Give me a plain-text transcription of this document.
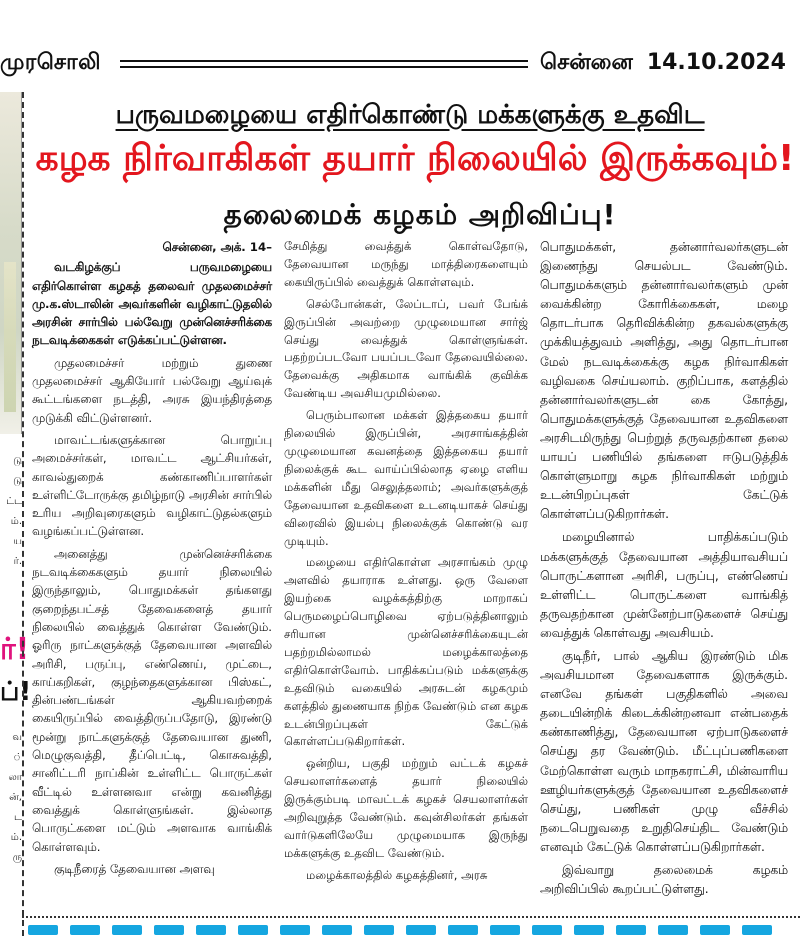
முரசொலி	சென்னை 14.10.2024
டு
டு
ட்ட
ம்.
ய
ர்.
ர்!
ப்!
வ
்
லா
ன்,
ட
ம்.
ரு
பருவமழையை எதிர்கொண்டு மக்களுக்கு உதவிட
கழக நிர்வாகிகள் தயார் நிலையில் இருக்கவும்!
தலைமைக் கழகம் அறிவிப்பு!
சென்னை, அக். 14–

வடகிழக்குப் பருவமழையை எதிர்கொள்ள கழகத் தலைவர் முதலமைச்சர் மு.க.ஸ்டாலின் அவர்களின் வழிகாட்டுதலில் அரசின் சார்பில் பல்வேறு முன்னெச்சரிக்கை நடவடிக்கைகள் எடுக்கப்பட்டுள்ளன.

முதலமைச்சர் மற்றும் துணை முதலமைச்சர் ஆகியோர் பல்வேறு ஆய்வுக் கூட்டங்களை நடத்தி, அரசு இயந்திரத்தை முடுக்கி விட்டுள்ளனர்.

மாவட்டங்களுக்கான பொறுப்பு அமைச்சர்கள், மாவட்ட ஆட்சியர்கள், காவல்துறைக் கண்காணிப்பாளர்கள் உள்ளிட்டோருக்கு தமிழ்நாடு அரசின் சார்பில் உரிய அறிவுரைகளும் வழிகாட்டுதல்களும் வழங்கப்பட்டுள்ளன.

அனைத்து முன்னெச்சரிக்கை நடவடிக்கைகளும் தயார் நிலையில் இருந்தாலும், பொதுமக்கள் தங்களது குறைந்தபட்சத் தேவைகளைத் தயார் நிலையில் வைத்துக் கொள்ள வேண்டும். ஓரிரு நாட்களுக்குத் தேவையான அளவில் அரிசி, பருப்பு, எண்ணெய், முட்டை, காய்கறிகள், குழந்தைகளுக்கான பிஸ்கட், தின்பண்டங்கள் ஆகியவற்றைக் கையிருப்பில் வைத்திருப்பதோடு, இரண்டு மூன்று நாட்களுக்குத் தேவையான துணி, மெழுகுவத்தி, தீப்பெட்டி, கொசுவத்தி, சானிட்டரி நாப்கின் உள்ளிட்ட பொருட்கள் வீட்டில் உள்ளனவா என்று கவனித்து வைத்துக் கொள்ளுங்கள். இல்லாத பொருட்களை மட்டும் அளவாக வாங்கிக் கொள்ளவும்.

குடிநீரைத் தேவையான அளவு

சேமித்து வைத்துக் கொள்வதோடு, தேவையான மருந்து மாத்திரைகளையும் கையிருப்பில் வைத்துக் கொள்ளவும்.

செல்போன்கள், லேப்டாப், பவர் பேங்க் இருப்பின் அவற்றை முழுமையான சார்ஜ் செய்து வைத்துக் கொள்ளுங்கள். பதற்றப்படவோ பயப்படவோ தேவையில்லை. தேவைக்கு அதிகமாக வாங்கிக் குவிக்க வேண்டிய அவசியமுமில்லை.

பெரும்பாலான மக்கள் இத்தகைய தயார் நிலையில் இருப்பின், அரசாங்கத்தின் முழுமையான கவனத்தை இத்தகைய தயார் நிலைக்குக் கூட வாய்ப்பில்லாத ஏழை எளிய மக்களின் மீது செலுத்தலாம்; அவர்களுக்குத் தேவையான உதவிகளை உடனடியாகச் செய்து விரைவில் இயல்பு நிலைக்குக் கொண்டு வர முடியும்.

மழையை எதிர்கொள்ள அரசாங்கம் முழு அளவில் தயாராக உள்ளது. ஒரு வேளை இயற்கை வழக்கத்திற்கு மாறாகப் பெருமழைப்பொழிவை ஏற்படுத்தினாலும் சரியான முன்னெச்சரிக்கையுடன் பதற்றமில்லாமல் மழைக்காலத்தை எதிர்கொள்வோம். பாதிக்கப்படும் மக்களுக்கு உதவிடும் வகையில் அரசுடன் கழகமும் களத்தில் துணையாக நிற்க வேண்டும் என கழக உடன்பிறப்புகள் கேட்டுக் கொள்ளப்படுகிறார்கள்.

ஒன்றிய, பகுதி மற்றும் வட்டக் கழகச் செயலாளர்களைத் தயார் நிலையில் இருக்கும்படி மாவட்டக் கழகச் செயலாளர்கள் அறிவுறுத்த வேண்டும். கவுன்சிலர்கள் தங்கள் வார்டுகளிலேயே முழுமையாக இருந்து மக்களுக்கு உதவிட வேண்டும்.

மழைக்காலத்தில் கழகத்தினர், அரசு

பொதுமக்கள், தன்னார்வலர்களுடன் இணைந்து செயல்பட வேண்டும். பொதுமக்களும் தன்னார்வலர்களும் முன் வைக்கின்ற கோரிக்கைகள், மழை தொடர்பாக தெரிவிக்கின்ற தகவல்களுக்கு முக்கியத்துவம் அளித்து, அது தொடர்பான மேல் நடவடிக்கைக்கு கழக நிர்வாகிகள் வழிவகை செய்யலாம். குறிப்பாக, களத்தில் தன்னார்வலர்களுடன் கை கோத்து, பொதுமக்களுக்குத் தேவையான உதவிகளை அரசிடமிருந்து பெற்றுத் தருவதற்கான தலை யாயப் பணியில் தங்களை ஈடுபடுத்திக் கொள்ளுமாறு கழக நிர்வாகிகள் மற்றும் உடன்பிறப்புகள் கேட்டுக் கொள்ளப்படுகிறார்கள்.

மழையினால் பாதிக்கப்படும் மக்களுக்குத் தேவையான அத்தியாவசியப் பொருட்களான அரிசி, பருப்பு, எண்ணெய் உள்ளிட்ட பொருட்களை வாங்கித் தருவதற்கான முன்னேற்பாடுகளைச் செய்து வைத்துக் கொள்வது அவசியம்.

குடிநீர், பால் ஆகிய இரண்டும் மிக அவசியமான தேவைகளாக இருக்கும். எனவே தங்கள் பகுதிகளில் அவை தடையின்றிக் கிடைக்கின்றனவா என்பதைக் கண்காணித்து, தேவையான ஏற்பாடுகளைச் செய்து தர வேண்டும். மீட்புப்பணிகளை மேற்கொள்ள வரும் மாநகராட்சி, மின்வாரிய ஊழியர்களுக்குத் தேவையான உதவிகளைச் செய்து, பணிகள் முழு வீச்சில் நடைபெறுவதை உறுதிசெய்திட வேண்டும் எனவும் கேட்டுக் கொள்ளப்படுகிறார்கள்.

இவ்வாறு தலைமைக் கழகம் அறிவிப்பில் கூறப்பட்டுள்ளது.
